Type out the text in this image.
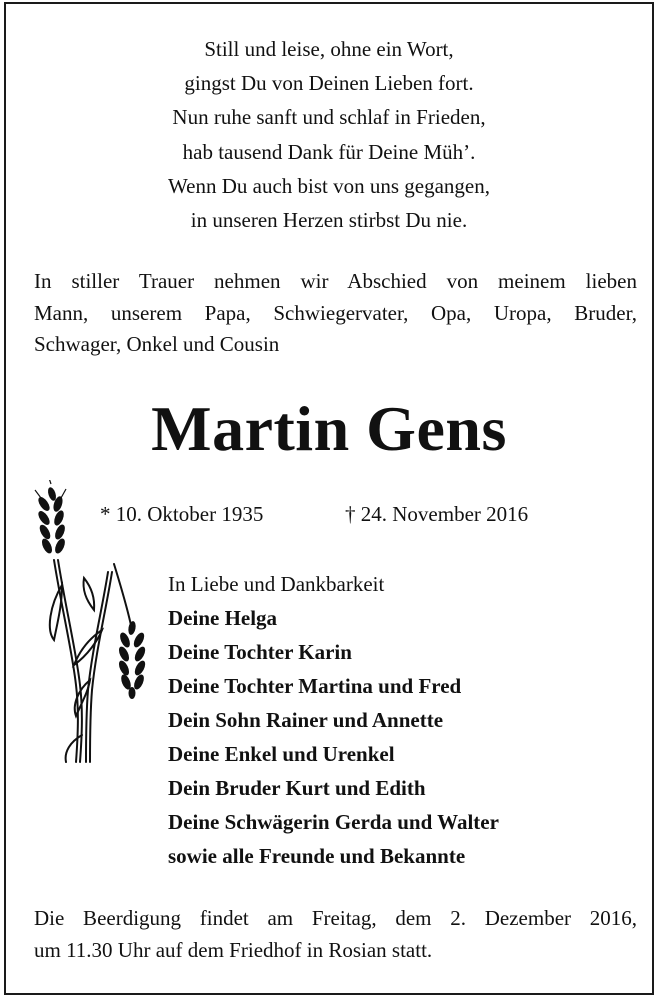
Still und leise, ohne ein Wort,
gingst Du von Deinen Lieben fort.
Nun ruhe sanft und schlaf in Frieden,
hab tausend Dank für Deine Müh’.
Wenn Du auch bist von uns gegangen,
in unseren Herzen stirbst Du nie.
In stiller Trauer nehmen wir Abschied von meinem lieben
Mann, unserem Papa, Schwiegervater, Opa, Uropa, Bruder,
Schwager, Onkel und Cousin
Martin Gens
* 10. Oktober 1935	† 24. November 2016
In Liebe und Dankbarkeit
Deine Helga
Deine Tochter Karin
Deine Tochter Martina und Fred
Dein Sohn Rainer und Annette
Deine Enkel und Urenkel
Dein Bruder Kurt und Edith
Deine Schwägerin Gerda und Walter
sowie alle Freunde und Bekannte
Die Beerdigung findet am Freitag, dem 2. Dezember 2016,
um 11.30 Uhr auf dem Friedhof in Rosian statt.
